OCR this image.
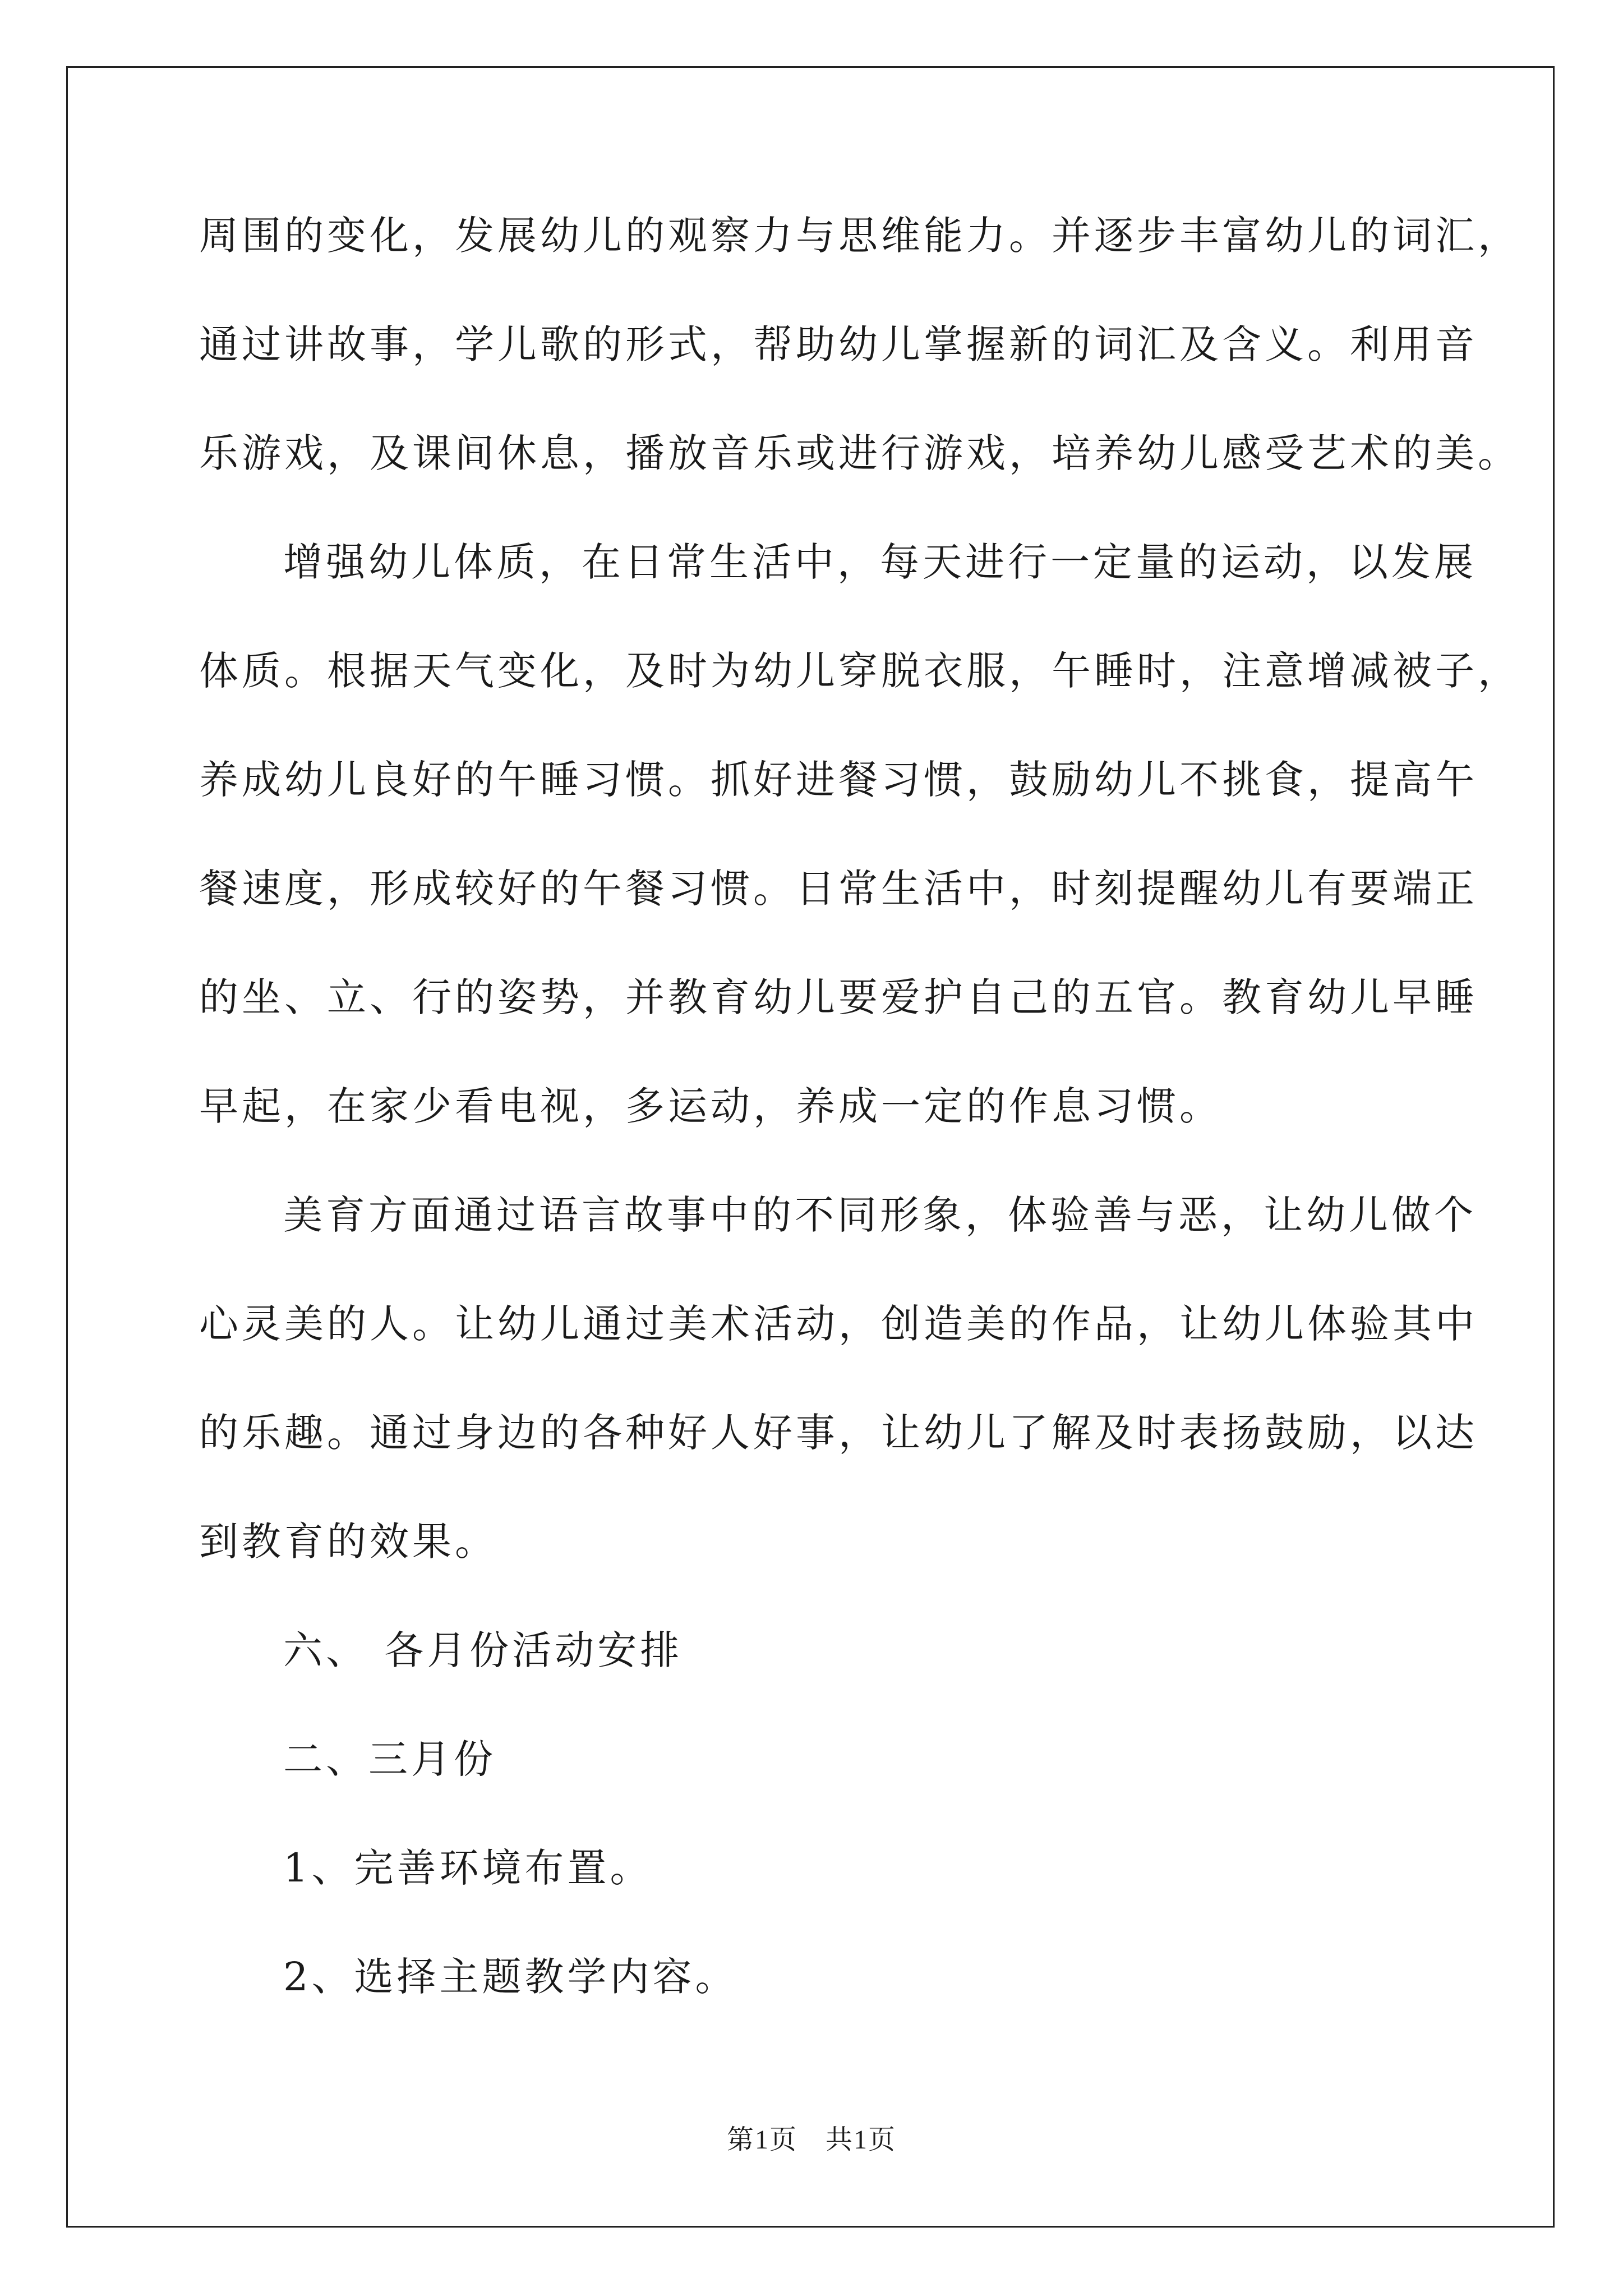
周围的变化，发展幼儿的观察力与思维能力。并逐步丰富幼儿的词汇，
通过讲故事，学儿歌的形式，帮助幼儿掌握新的词汇及含义。利用音
乐游戏，及课间休息，播放音乐或进行游戏，培养幼儿感受艺术的美。
增强幼儿体质，在日常生活中，每天进行一定量的运动，以发展
体质。根据天气变化，及时为幼儿穿脱衣服，午睡时，注意增减被子，
养成幼儿良好的午睡习惯。抓好进餐习惯，鼓励幼儿不挑食，提高午
餐速度，形成较好的午餐习惯。日常生活中，时刻提醒幼儿有要端正
的坐、立、行的姿势，并教育幼儿要爱护自己的五官。教育幼儿早睡
早起，在家少看电视，多运动，养成一定的作息习惯。
美育方面通过语言故事中的不同形象，体验善与恶，让幼儿做个
心灵美的人。让幼儿通过美术活动，创造美的作品，让幼儿体验其中
的乐趣。通过身边的各种好人好事，让幼儿了解及时表扬鼓励，以达
到教育的效果。
六、 各月份活动安排
二、三月份
1、完善环境布置。
2、选择主题教学内容。
第1页 共1页
